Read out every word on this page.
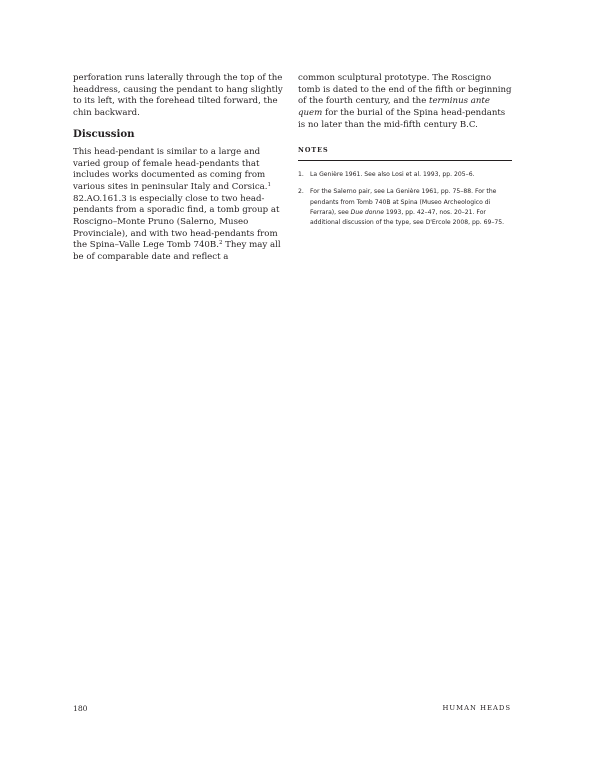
perforation runs laterally through the top of the headdress, causing the pendant to hang slightly to its left, with the forehead tilted forward, the chin backward.

Discussion

This head-pendant is similar to a large and varied group of female head-pendants that includes works documented as coming from various sites in peninsular Italy and Corsica.$^1$ 82.AO.161.3 is especially close to two head-pendants from a sporadic find, a tomb group at Roscigno–Monte Pruno (Salerno, Museo Provinciale), and with two head-pendants from the Spina–Valle Lege Tomb 740B.$^2$ They may all be of comparable date and reflect a

common sculptural prototype. The Roscigno tomb is dated to the end of the fifth or beginning of the fourth century, and the terminus ante quem for the burial of the Spina head-pendants is no later than the mid-fifth century B.C.

NOTES
1. La Genière 1961. See also Losi et al. 1993, pp. 205–6.
2. For the Salerno pair, see La Genière 1961, pp. 75–88. For the pendants from Tomb 740B at Spina (Museo Archeologico di Ferrara), see Due donne 1993, pp. 42–47, nos. 20–21. For additional discussion of the type, see D'Ercole 2008, pp. 69–75.
180	HUMAN HEADS
